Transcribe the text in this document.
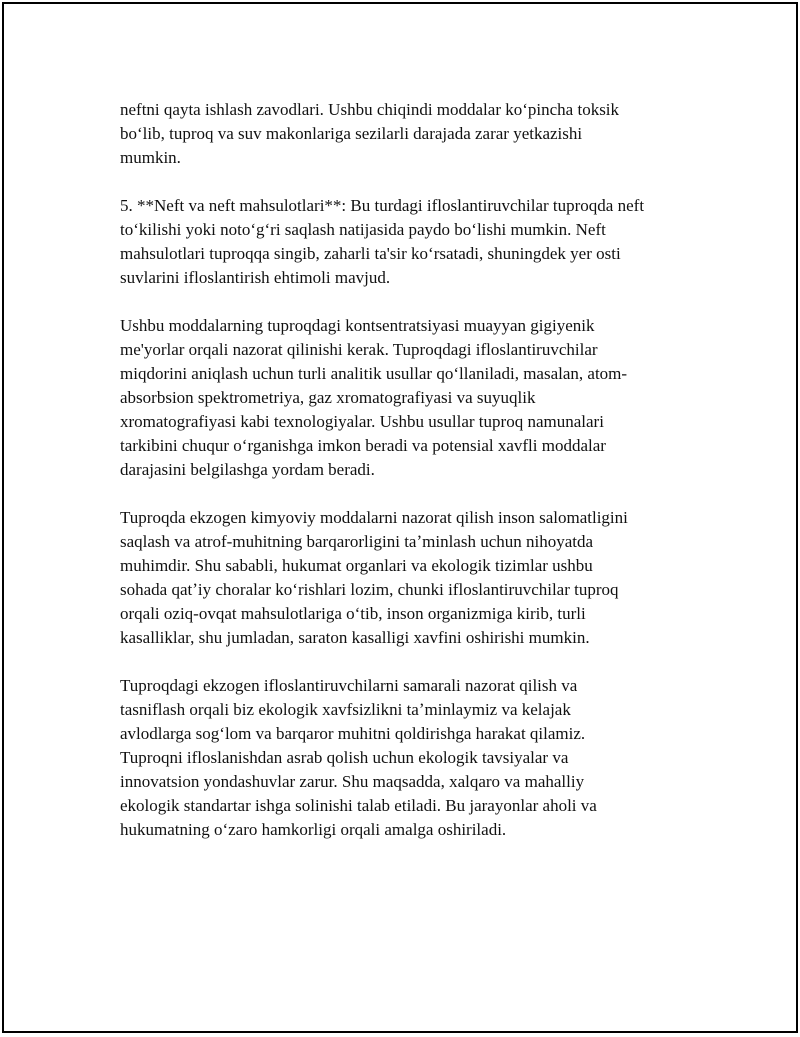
neftni qayta ishlash zavodlari. Ushbu chiqindi moddalar koʻpincha toksik
boʻlib, tuproq va suv makonlariga sezilarli darajada zarar yetkazishi
mumkin.

5. **Neft va neft mahsulotlari**: Bu turdagi ifloslantiruvchilar tuproqda neft
toʻkilishi yoki notoʻgʻri saqlash natijasida paydo boʻlishi mumkin. Neft
mahsulotlari tuproqqa singib, zaharli ta'sir koʻrsatadi, shuningdek yer osti
suvlarini ifloslantirish ehtimoli mavjud.

Ushbu moddalarning tuproqdagi kontsentratsiyasi muayyan gigiyenik
me'yorlar orqali nazorat qilinishi kerak. Tuproqdagi ifloslantiruvchilar
miqdorini aniqlash uchun turli analitik usullar qoʻllaniladi, masalan, atom-
absorbsion spektrometriya, gaz xromatografiyasi va suyuqlik
xromatografiyasi kabi texnologiyalar. Ushbu usullar tuproq namunalari
tarkibini chuqur oʻrganishga imkon beradi va potensial xavfli moddalar
darajasini belgilashga yordam beradi.

Tuproqda ekzogen kimyoviy moddalarni nazorat qilish inson salomatligini
saqlash va atrof-muhitning barqarorligini taʼminlash uchun nihoyatda
muhimdir. Shu sababli, hukumat organlari va ekologik tizimlar ushbu
sohada qatʼiy choralar koʻrishlari lozim, chunki ifloslantiruvchilar tuproq
orqali oziq-ovqat mahsulotlariga oʻtib, inson organizmiga kirib, turli
kasalliklar, shu jumladan, saraton kasalligi xavfini oshirishi mumkin.

Tuproqdagi ekzogen ifloslantiruvchilarni samarali nazorat qilish va
tasniflash orqali biz ekologik xavfsizlikni taʼminlaymiz va kelajak
avlodlarga sogʻlom va barqaror muhitni qoldirishga harakat qilamiz.
Tuproqni ifloslanishdan asrab qolish uchun ekologik tavsiyalar va
innovatsion yondashuvlar zarur. Shu maqsadda, xalqaro va mahalliy
ekologik standartar ishga solinishi talab etiladi. Bu jarayonlar aholi va
hukumatning oʻzaro hamkorligi orqali amalga oshiriladi.
